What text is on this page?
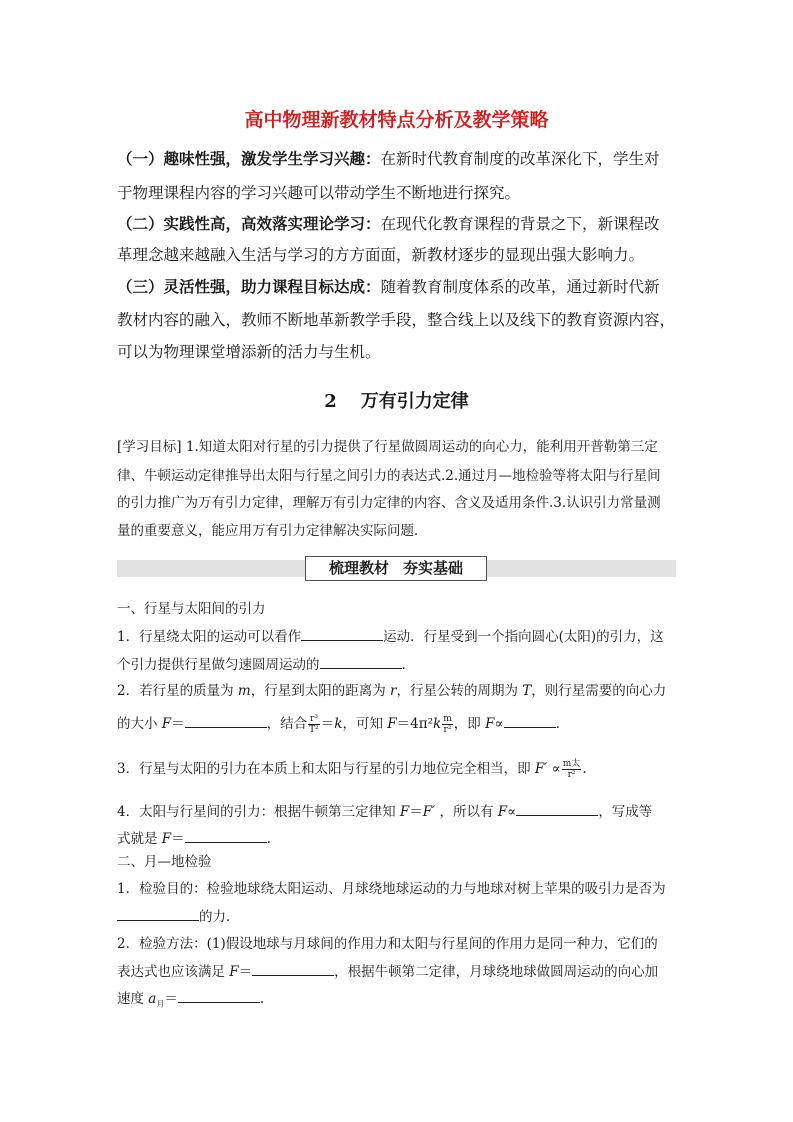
高中物理新教材特点分析及教学策略
（一）趣味性强，激发学生学习兴趣：在新时代教育制度的改革深化下，学生对
于物理课程内容的学习兴趣可以带动学生不断地进行探究。
（二）实践性高，高效落实理论学习：在现代化教育课程的背景之下，新课程改
革理念越来越融入生活与学习的方方面面，新教材逐步的显现出强大影响力。
（三）灵活性强，助力课程目标达成：随着教育制度体系的改革，通过新时代新
教材内容的融入，教师不断地革新教学手段，整合线上以及线下的教育资源内容，
可以为物理课堂增添新的活力与生机。
2 万有引力定律
[学习目标] 1.知道太阳对行星的引力提供了行星做圆周运动的向心力，能利用开普勒第三定
律、牛顿运动定律推导出太阳与行星之间引力的表达式.2.通过月—地检验等将太阳与行星间
的引力推广为万有引力定律，理解万有引力定律的内容、含义及适用条件.3.认识引力常量测
量的重要意义，能应用万有引力定律解决实际问题．
梳理教材 夯实基础
一、行星与太阳间的引力
1．行星绕太阳的运动可以看作	运动．行星受到一个指向圆心(太阳)的引力，这
个引力提供行星做匀速圆周运动的	．
2．若行星的质量为 m，行星到太阳的距离为 r，行星公转的周期为 T，则行星需要的向心力
的大小 F＝	，结合 $\frac{\text{r³}}{\text{T²}} =k$，可知 $F=4\pi^2k \frac{m}{\text{r²}}$ ，即 F∝	.
3．行星与太阳的引力在本质上和太阳与行星的引力地位完全相当，即 $F' \propto \frac{\text{m太}}{\text{r²}}$ .
4．太阳与行星间的引力：根据牛顿第三定律知 F＝F′ ，所以有 F∝	，写成等
式就是 F＝	.
二、月—地检验
1．检验目的：检验地球绕太阳运动、月球绕地球运动的力与地球对树上苹果的吸引力是否为
的力．
2．检验方法：(1)假设地球与月球间的作用力和太阳与行星间的作用力是同一种力，它们的
表达式也应该满足 F＝	，根据牛顿第二定律，月球绕地球做圆周运动的向心加
速度 $a_月=$	.
